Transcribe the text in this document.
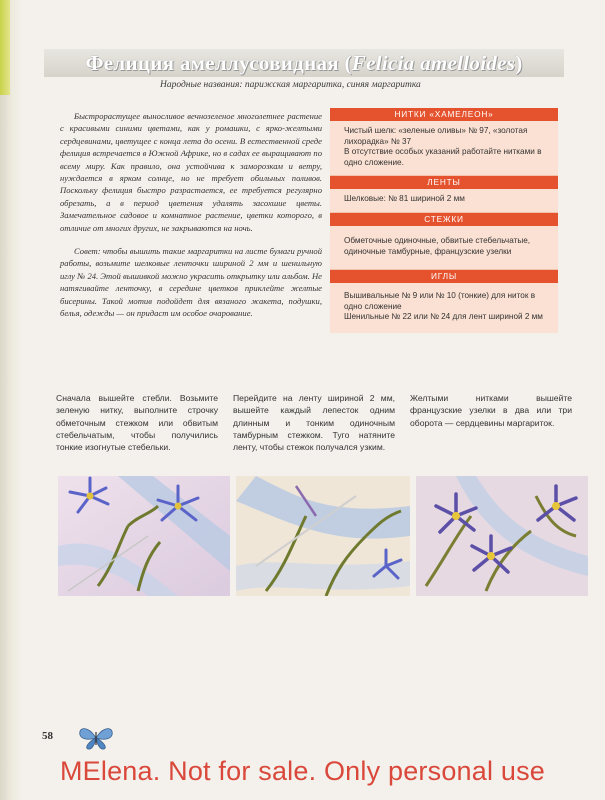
Фелиция амеллусовидная (Felicia amelloides)
Народные названия: парижская маргаритка, синяя маргаритка

Быстрорастущее выносливое вечнозеленое многолетнее растение с красивыми синими цветами, как у ромашки, с ярко-желтыми сердцевинами, цветущее с конца лета до осени. В естественной среде фелиция встречается в Южной Африке, но в садах ее выращивают по всему миру. Как правило, она устойчива к заморозкам и ветру, нуждается в ярком солнце, но не требует обильных поливов. Поскольку фелиция быстро разрастается, ее требуется регулярно обрезать, а в период цветения удалять засохшие цветы. Замечательное садовое и комнатное растение, цветки которого, в отличие от многих других, не закрываются на ночь.

Совет: чтобы вышить такие маргаритки на листе бумаги ручной работы, возьмите шелковые ленточки шириной 2 мм и шенильную иглу № 24. Этой вышивкой можно украсить открытку или альбом. Не натягивайте ленточку, в середине цветков приклейте желтые бисерины. Такой мотив подойдет для вязаного жакета, подушки, белья, одежды — он придаст им особое очарование.

НИТКИ «ХАМЕЛЕОН»

Чистый шелк: «зеленые оливы» № 97, «золотая лихорадка» № 37

В отсутствие особых указаний работайте нитками в одно сложение.

ЛЕНТЫ

Шелковые: № 81 шириной 2 мм

СТЕЖКИ

Обметочные одиночные, обвитые стебельчатые, одиночные тамбурные, французские узелки

ИГЛЫ

Вышивальные № 9 или № 10 (тонкие) для ниток в одно сложение

Шенильные № 22 или № 24 для лент шириной 2 мм

Сначала вышейте стебли. Возьмите зеленую нитку, выполните строчку обметочным стежком или обвитым стебельчатым, чтобы получились тонкие изогнутые стебельки.
Перейдите на ленту шириной 2 мм, вышейте каждый лепесток одним длинным и тонким одиночным тамбурным стежком. Туго натяните ленту, чтобы стежок получался узким.
Желтыми нитками вышейте французские узелки в два или три оборота — сердцевины маргариток.
58
MElena. Not for sale. Only personal use
